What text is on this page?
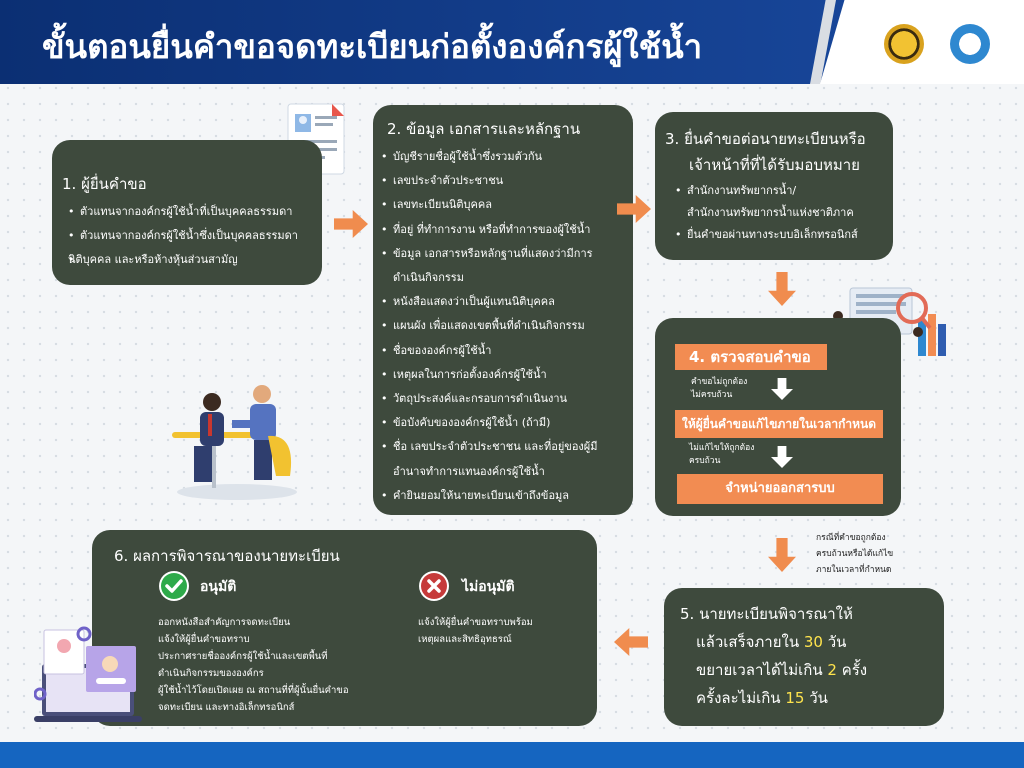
ขั้นตอนยื่นคำขอจดทะเบียนก่อตั้งองค์กรผู้ใช้น้ำ
1. ผู้ยื่นคำขอ
• ตัวแทนจากองค์กรผู้ใช้น้ำที่เป็นบุคคลธรรมดา
• ตัวแทนจากองค์กรผู้ใช้น้ำซึ่งเป็นบุคคลธรรมดา
• นิติบุคคล และหรือห้างหุ้นส่วนสามัญ
2. ข้อมูล เอกสารและหลักฐาน
• บัญชีรายชื่อผู้ใช้น้ำซึ่งรวมตัวกัน
• เลขประจำตัวประชาชน
• เลขทะเบียนนิติบุคคล
• ที่อยู่ ที่ทำการงาน หรือที่ทำการของผู้ใช้น้ำ
• ข้อมูล เอกสารหรือหลักฐานที่แสดงว่ามีการ
ดำเนินกิจกรรม
• หนังสือแสดงว่าเป็นผู้แทนนิติบุคคล
• แผนผัง เพื่อแสดงเขตพื้นที่ดำเนินกิจกรรม
• ชื่อขององค์กรผู้ใช้น้ำ
• เหตุผลในการก่อตั้งองค์กรผู้ใช้น้ำ
• วัตถุประสงค์และกรอบการดำเนินงาน
• ข้อบังคับขององค์กรผู้ใช้น้ำ (ถ้ามี)
• ชื่อ เลขประจำตัวประชาชน และที่อยู่ของผู้มี
อำนาจทำการแทนองค์กรผู้ใช้น้ำ
• คำยินยอมให้นายทะเบียนเข้าถึงข้อมูล
3. ยื่นคำขอต่อนายทะเบียนหรือ
เจ้าหน้าที่ที่ได้รับมอบหมาย
• สำนักงานทรัพยากรน้ำ/
สำนักงานทรัพยากรน้ำแห่งชาติภาค
• ยื่นคำขอผ่านทางระบบอิเล็กทรอนิกส์
4. ตรวจสอบคำขอ
คำขอไม่ถูกต้อง
ไม่ครบถ้วน
ให้ผู้ยื่นคำขอแก้ไขภายในเวลากำหนด
ไม่แก้ไขให้ถูกต้อง
ครบถ้วน
จำหน่ายออกสารบบ
กรณีที่คำขอถูกต้อง
ครบถ้วนหรือได้แก้ไข
ภายในเวลาที่กำหนด
5. นายทะเบียนพิจารณาให้
แล้วเสร็จภายใน 30 วัน
ขยายเวลาได้ไม่เกิน 2 ครั้ง
ครั้งละไม่เกิน 15 วัน
6. ผลการพิจารณาของนายทะเบียน
อนุมัติ
ออกหนังสือสำคัญการจดทะเบียน
แจ้งให้ผู้ยื่นคำขอทราบ
ประกาศรายชื่อองค์กรผู้ใช้น้ำและเขตพื้นที่
ดำเนินกิจกรรมขององค์กร
ผู้ใช้น้ำไว้โดยเปิดเผย ณ สถานที่ที่ผู้นั้นยื่นคำขอ
จดทะเบียน และทางอิเล็กทรอนิกส์
ไม่อนุมัติ
แจ้งให้ผู้ยื่นคำขอทราบพร้อม
เหตุผลและสิทธิอุทธรณ์
